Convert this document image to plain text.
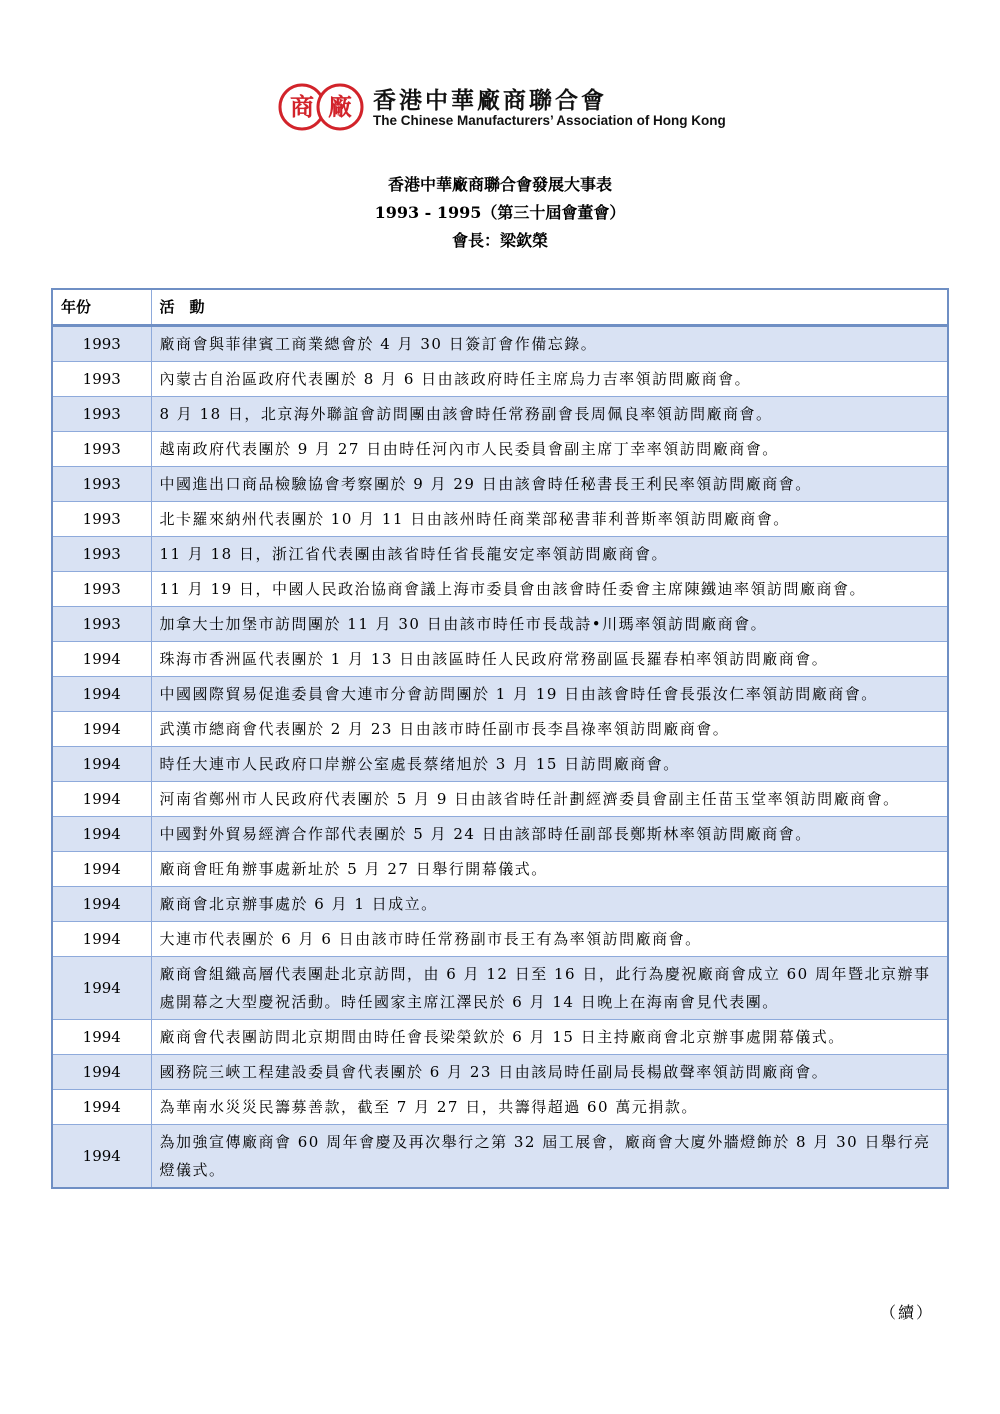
商 廠 香港中華廠商聯合會
The Chinese Manufacturers’ Association of Hong Kong
香港中華廠商聯合會發展大事表
1993 - 1995（第三十屆會董會）
會長：梁欽榮
年份	活　動
1993	廠商會與菲律賓工商業總會於 4 月 30 日簽訂會作備忘錄。
1993	內蒙古自治區政府代表團於 8 月 6 日由該政府時任主席烏力吉率領訪問廠商會。
1993	8 月 18 日，北京海外聯誼會訪問團由該會時任常務副會長周佩良率領訪問廠商會。
1993	越南政府代表團於 9 月 27 日由時任河內市人民委員會副主席丁幸率領訪問廠商會。
1993	中國進出口商品檢驗協會考察團於 9 月 29 日由該會時任秘書長王利民率領訪問廠商會。
1993	北卡羅來納州代表團於 10 月 11 日由該州時任商業部秘書菲利普斯率領訪問廠商會。
1993	11 月 18 日，浙江省代表團由該省時任省長龍安定率領訪問廠商會。
1993	11 月 19 日，中國人民政治協商會議上海市委員會由該會時任委會主席陳鐵迪率領訪問廠商會。
1993	加拿大士加堡市訪問團於 11 月 30 日由該市時任市長哉詩•川瑪率領訪問廠商會。
1994	珠海市香洲區代表團於 1 月 13 日由該區時任人民政府常務副區長羅春柏率領訪問廠商會。
1994	中國國際貿易促進委員會大連市分會訪問團於 1 月 19 日由該會時任會長張汝仁率領訪問廠商會。
1994	武漢市總商會代表團於 2 月 23 日由該市時任副市長李昌祿率領訪問廠商會。
1994	時任大連市人民政府口岸辦公室處長蔡绪旭於 3 月 15 日訪問廠商會。
1994	河南省鄭州市人民政府代表團於 5 月 9 日由該省時任計劃經濟委員會副主任苗玉堂率領訪問廠商會。
1994	中國對外貿易經濟合作部代表團於 5 月 24 日由該部時任副部長鄭斯林率領訪問廠商會。
1994	廠商會旺角辦事處新址於 5 月 27 日舉行開幕儀式。
1994	廠商會北京辦事處於 6 月 1 日成立。
1994	大連市代表團於 6 月 6 日由該市時任常務副市長王有為率領訪問廠商會。
1994	廠商會組織高層代表團赴北京訪問，由 6 月 12 日至 16 日，此行為慶祝廠商會成立 60 周年暨北京辦事處開幕之大型慶祝活動。時任國家主席江澤民於 6 月 14 日晚上在海南會見代表團。
1994	廠商會代表團訪問北京期間由時任會長梁榮欽於 6 月 15 日主持廠商會北京辦事處開幕儀式。
1994	國務院三峽工程建設委員會代表團於 6 月 23 日由該局時任副局長楊啟聲率領訪問廠商會。
1994	為華南水災災民籌募善款，截至 7 月 27 日，共籌得超過 60 萬元捐款。
1994	為加強宣傳廠商會 60 周年會慶及再次舉行之第 32 屆工展會，廠商會大廈外牆燈飾於 8 月 30 日舉行亮燈儀式。
（續）
